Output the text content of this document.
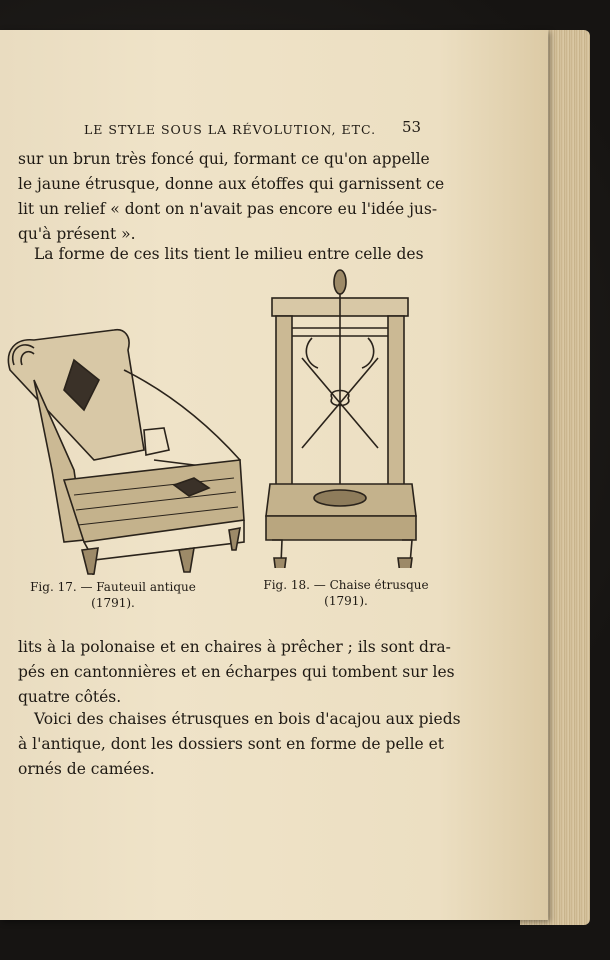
LE STYLE SOUS LA RÉVOLUTION, ETC. 53
sur un brun très foncé qui, formant ce qu'on appelle
le jaune étrusque, donne aux étoffes qui garnissent ce
lit un relief « dont on n'avait pas encore eu l'idée jus-
qu'à présent ».
La forme de ces lits tient le milieu entre celle des
Fig. 17. — Fauteuil antique
(1791).
Fig. 18. — Chaise étrusque
(1791).
lits à la polonaise et en chaires à prêcher ; ils sont dra-
pés en cantonnières et en écharpes qui tombent sur les
quatre côtés.
Voici des chaises étrusques en bois d'acajou aux pieds
à l'antique, dont les dossiers sont en forme de pelle et
ornés de camées.
